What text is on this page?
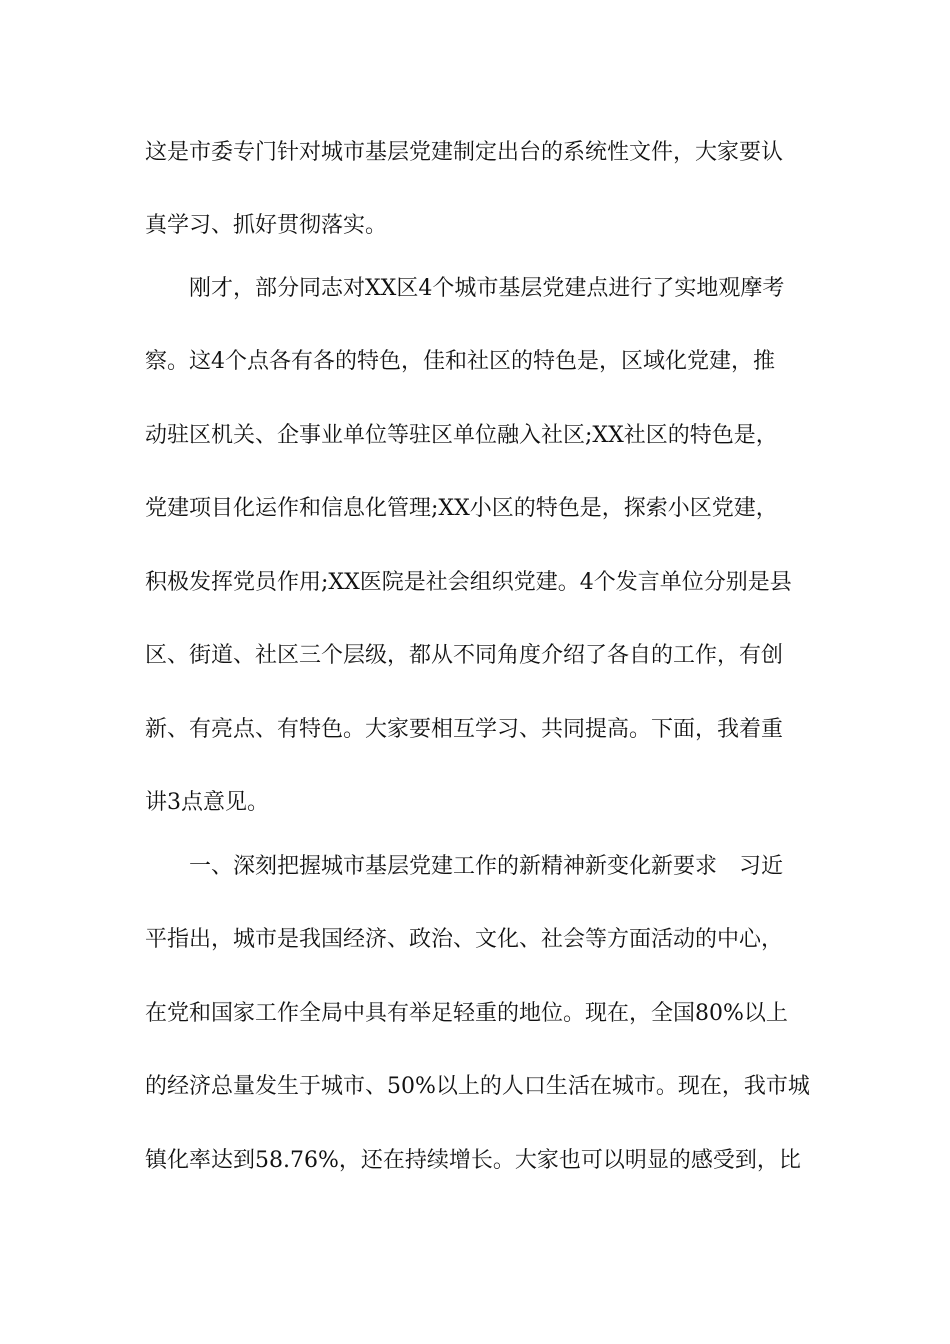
这是市委专门针对城市基层党建制定出台的系统性文件，大家要认
真学习、抓好贯彻落实。
　　刚才，部分同志对XX区4个城市基层党建点进行了实地观摩考
察。这4个点各有各的特色，佳和社区的特色是，区域化党建，推
动驻区机关、企事业单位等驻区单位融入社区;XX社区的特色是，
党建项目化运作和信息化管理;XX小区的特色是，探索小区党建，
积极发挥党员作用;XX医院是社会组织党建。4个发言单位分别是县
区、街道、社区三个层级，都从不同角度介绍了各自的工作，有创
新、有亮点、有特色。大家要相互学习、共同提高。下面，我着重
讲3点意见。
　　一、深刻把握城市基层党建工作的新精神新变化新要求　习近
平指出，城市是我国经济、政治、文化、社会等方面活动的中心，
在党和国家工作全局中具有举足轻重的地位。现在，全国80%以上
的经济总量发生于城市、50%以上的人口生活在城市。现在，我市城
镇化率达到58.76%，还在持续增长。大家也可以明显的感受到，比
